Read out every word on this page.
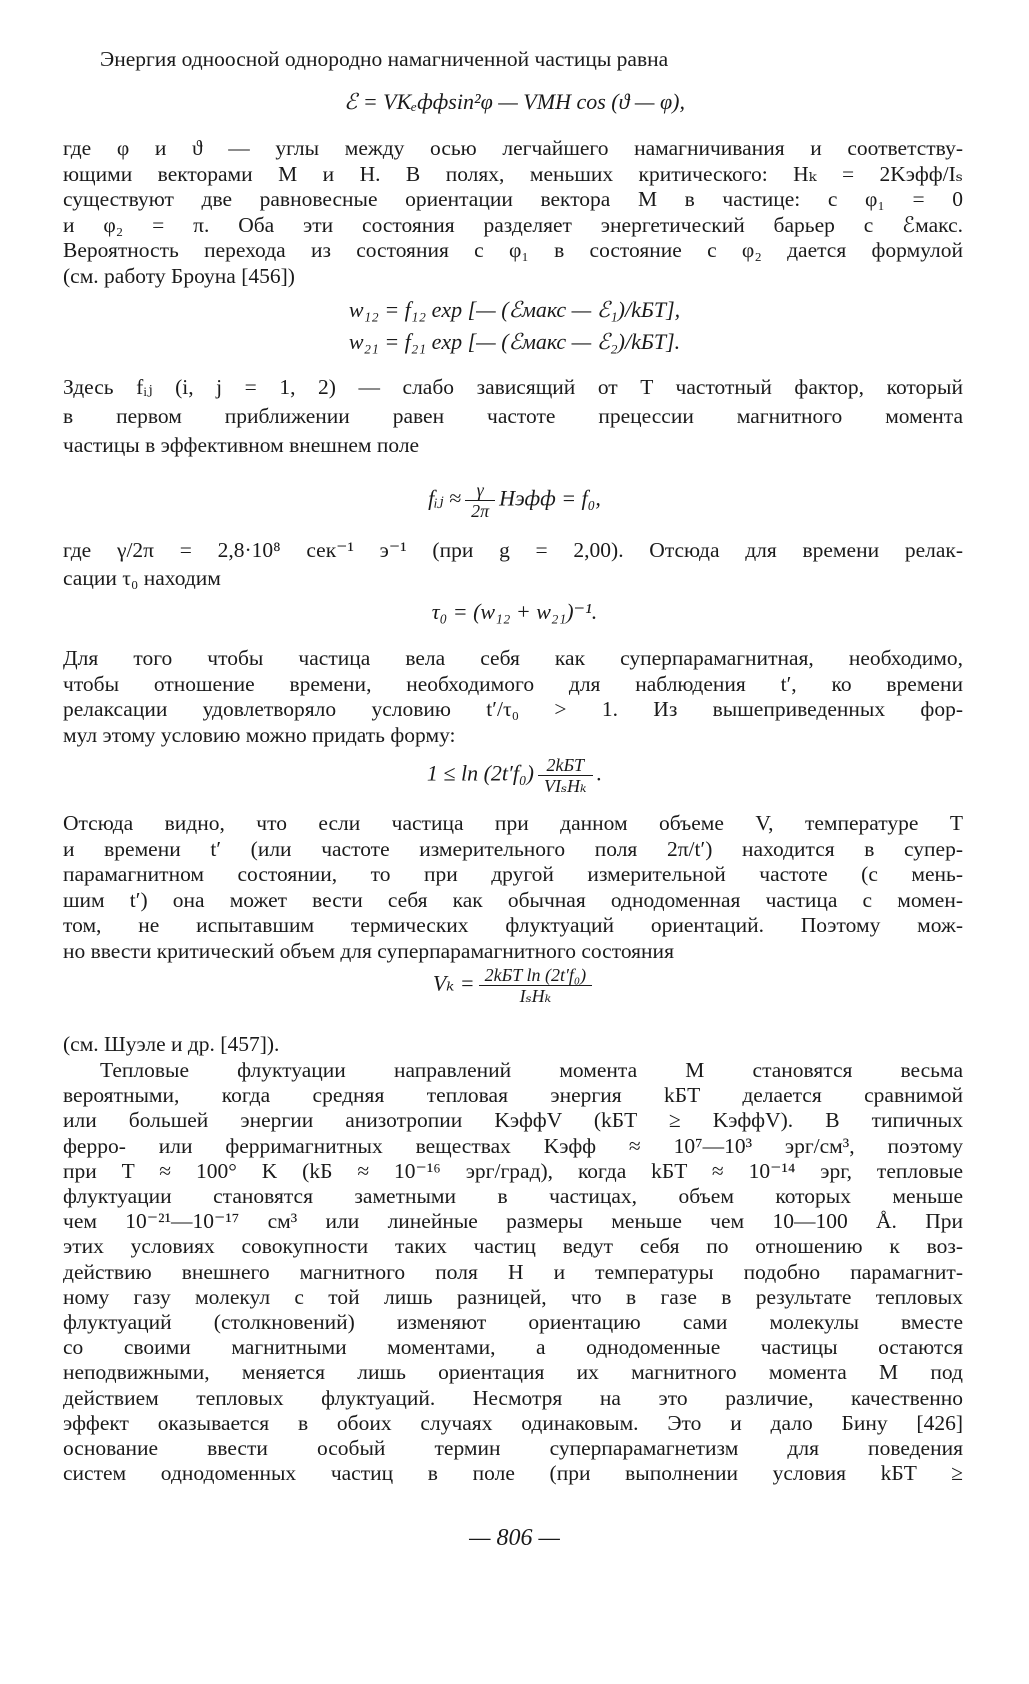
Энергия одноосной однородно намагниченной частицы равна
ℰ = VKₑффsin²φ — VMH cos (ϑ — φ),
где φ и ϑ — углы между осью легчайшего намагничивания и соответству-
ющими векторами M и H. В полях, меньших критического: Hₖ = 2Kэфф/Iₛ
существуют две равновесные ориентации вектора M в частице: с φ₁ = 0
и φ₂ = π. Оба эти состояния разделяет энергетический барьер с ℰмакс.
Вероятность перехода из состояния с φ₁ в состояние с φ₂ дается формулой
(см. работу Броуна [456])
w₁₂ = f₁₂ exp [— (ℰмакс — ℰ₁)/kБT],
w₂₁ = f₂₁ exp [— (ℰмакс — ℰ₂)/kБT].
Здесь fᵢⱼ (i, j = 1, 2) — слабо зависящий от T частотный фактор, который
в первом приближении равен частоте прецессии магнитного момента
частицы в эффективном внешнем поле
fᵢⱼ ≈ $\frac{\gamma}{2\pi}$ Hэфф = f₀,
где γ/2π = 2,8·10⁸ сек⁻¹ э⁻¹ (при g = 2,00). Отсюда для времени релак-
сации τ₀ находим
τ₀ = (w₁₂ + w₂₁)⁻¹.
Для того чтобы частица вела себя как суперпарамагнитная, необходимо,
чтобы отношение времени, необходимого для наблюдения t′, ко времени
релаксации удовлетворяло условию t′/τ₀ > 1. Из вышеприведенных фор-
мул этому условию можно придать форму:
$1 \le \ln (2t'f_0) \frac{\text{2kБT}}{\text{VIₛHₖ}}$ .
Отсюда видно, что если частица при данном объеме V, температуре T
и времени t′ (или частоте измерительного поля 2π/t′) находится в супер-
парамагнитном состоянии, то при другой измерительной частоте (с мень-
шим t′) она может вести себя как обычная однодоменная частица с момен-
том, не испытавшим термических флуктуаций ориентаций. Поэтому мож-
но ввести критический объем для суперпарамагнитного состояния
$V_k = \frac{\text{2kБT ln (2t′f₀)}}{\text{IₛHₖ}}$
(см. Шуэле и др. [457]).
Тепловые флуктуации направлений момента M становятся весьма
вероятными, когда средняя тепловая энергия kБT делается сравнимой
или большей энергии анизотропии KэффV (kБT ≥ KэффV). В типичных
ферро- или ферримагнитных веществах Kэфф ≈ 10⁷—10³ эрг/см³, поэтому
при T ≈ 100° K (kБ ≈ 10⁻¹⁶ эрг/град), когда kБT ≈ 10⁻¹⁴ эрг, тепловые
флуктуации становятся заметными в частицах, объем которых меньше
чем 10⁻²¹—10⁻¹⁷ см³ или линейные размеры меньше чем 10—100 Å. При
этих условиях совокупности таких частиц ведут себя по отношению к воз-
действию внешнего магнитного поля H и температуры подобно парамагнит-
ному газу молекул с той лишь разницей, что в газе в результате тепловых
флуктуаций (столкновений) изменяют ориентацию сами молекулы вместе
со своими магнитными моментами, а однодоменные частицы остаются
неподвижными, меняется лишь ориентация их магнитного момента M под
действием тепловых флуктуаций. Несмотря на это различие, качественно
эффект оказывается в обоих случаях одинаковым. Это и дало Бину [426]
основание ввести особый термин суперпарамагнетизм для поведения
систем однодоменных частиц в поле (при выполнении условия kБT ≥
— 806 —
